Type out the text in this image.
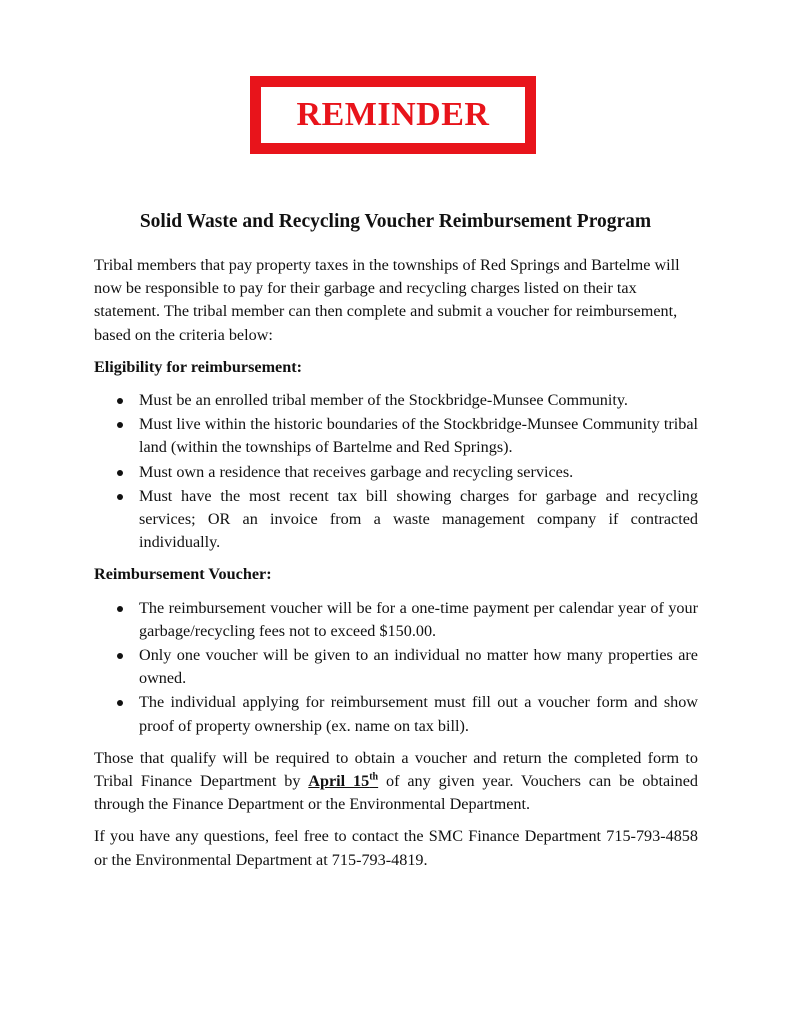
REMINDER
Solid Waste and Recycling Voucher Reimbursement Program

Tribal members that pay property taxes in the townships of Red Springs and Bartelme will now be responsible to pay for their garbage and recycling charges listed on their tax statement. The tribal member can then complete and submit a voucher for reimbursement, based on the criteria below:

Eligibility for reimbursement:
Must be an enrolled tribal member of the Stockbridge-Munsee Community.
Must live within the historic boundaries of the Stockbridge-Munsee Community tribal land (within the townships of Bartelme and Red Springs).
Must own a residence that receives garbage and recycling services.
Must have the most recent tax bill showing charges for garbage and recycling services; OR an invoice from a waste management company if contracted individually.
Reimbursement Voucher:
The reimbursement voucher will be for a one-time payment per calendar year of your garbage/recycling fees not to exceed $150.00.
Only one voucher will be given to an individual no matter how many properties are owned.
The individual applying for reimbursement must fill out a voucher form and show proof of property ownership (ex. name on tax bill).

Those that qualify will be required to obtain a voucher and return the completed form to Tribal Finance Department by April 15th of any given year. Vouchers can be obtained through the Finance Department or the Environmental Department.

If you have any questions, feel free to contact the SMC Finance Department 715-793-4858 or the Environmental Department at 715-793-4819.
